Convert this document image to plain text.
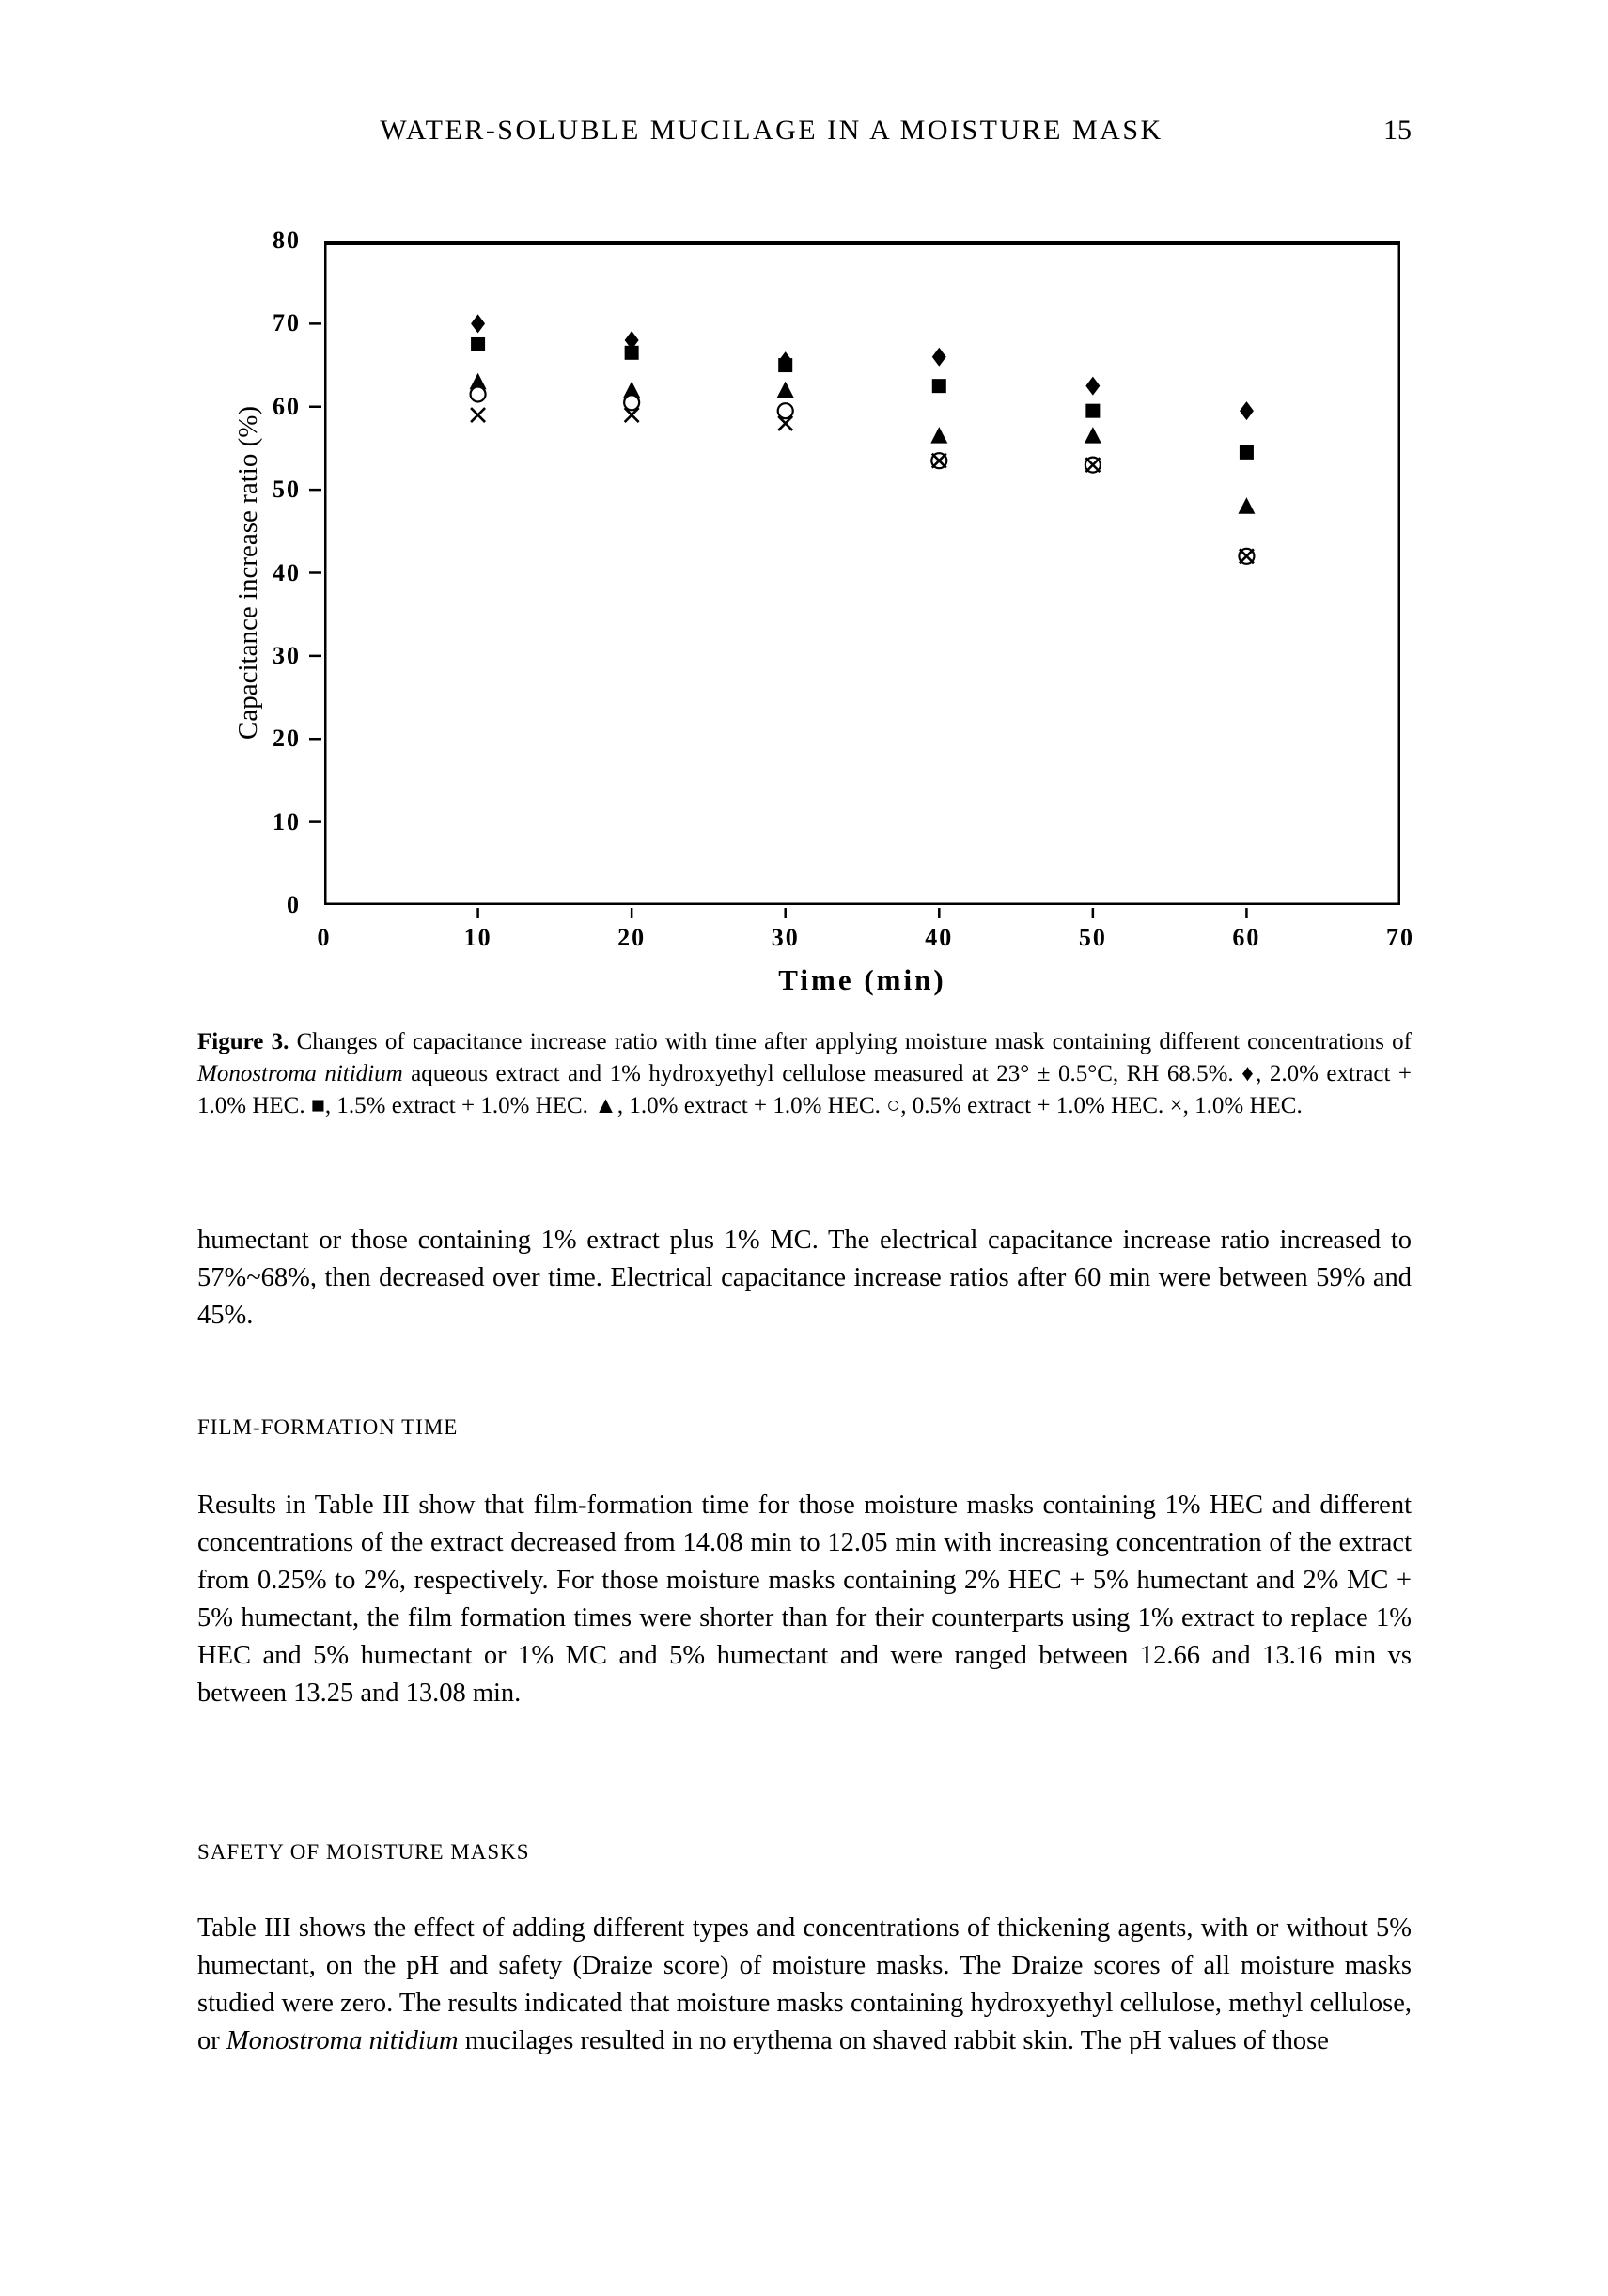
WATER-SOLUBLE MUCILAGE IN A MOISTURE MASK	15
Capacitance increase ratio (%)
Time (min)
0
10
20
30
40
50
60
70
80
0	10	20	30	40	50	60	70
Figure 3. Changes of capacitance increase ratio with time after applying moisture mask containing different concentrations of Monostroma nitidium aqueous extract and 1% hydroxyethyl cellulose measured at 23° ± 0.5°C, RH 68.5%. ♦, 2.0% extract + 1.0% HEC. ■, 1.5% extract + 1.0% HEC. ▲, 1.0% extract + 1.0% HEC. ○, 0.5% extract + 1.0% HEC. ×, 1.0% HEC.
humectant or those containing 1% extract plus 1% MC. The electrical capacitance increase ratio increased to 57%~68%, then decreased over time. Electrical capacitance increase ratios after 60 min were between 59% and 45%.
FILM-FORMATION TIME
Results in Table III show that film-formation time for those moisture masks containing 1% HEC and different concentrations of the extract decreased from 14.08 min to 12.05 min with increasing concentration of the extract from 0.25% to 2%, respectively. For those moisture masks containing 2% HEC + 5% humectant and 2% MC + 5% humectant, the film formation times were shorter than for their counterparts using 1% extract to replace 1% HEC and 5% humectant or 1% MC and 5% humectant and were ranged between 12.66 and 13.16 min vs between 13.25 and 13.08 min.
SAFETY OF MOISTURE MASKS
Table III shows the effect of adding different types and concentrations of thickening agents, with or without 5% humectant, on the pH and safety (Draize score) of moisture masks. The Draize scores of all moisture masks studied were zero. The results indicated that moisture masks containing hydroxyethyl cellulose, methyl cellulose, or Monostroma nitidium mucilages resulted in no erythema on shaved rabbit skin. The pH values of those
